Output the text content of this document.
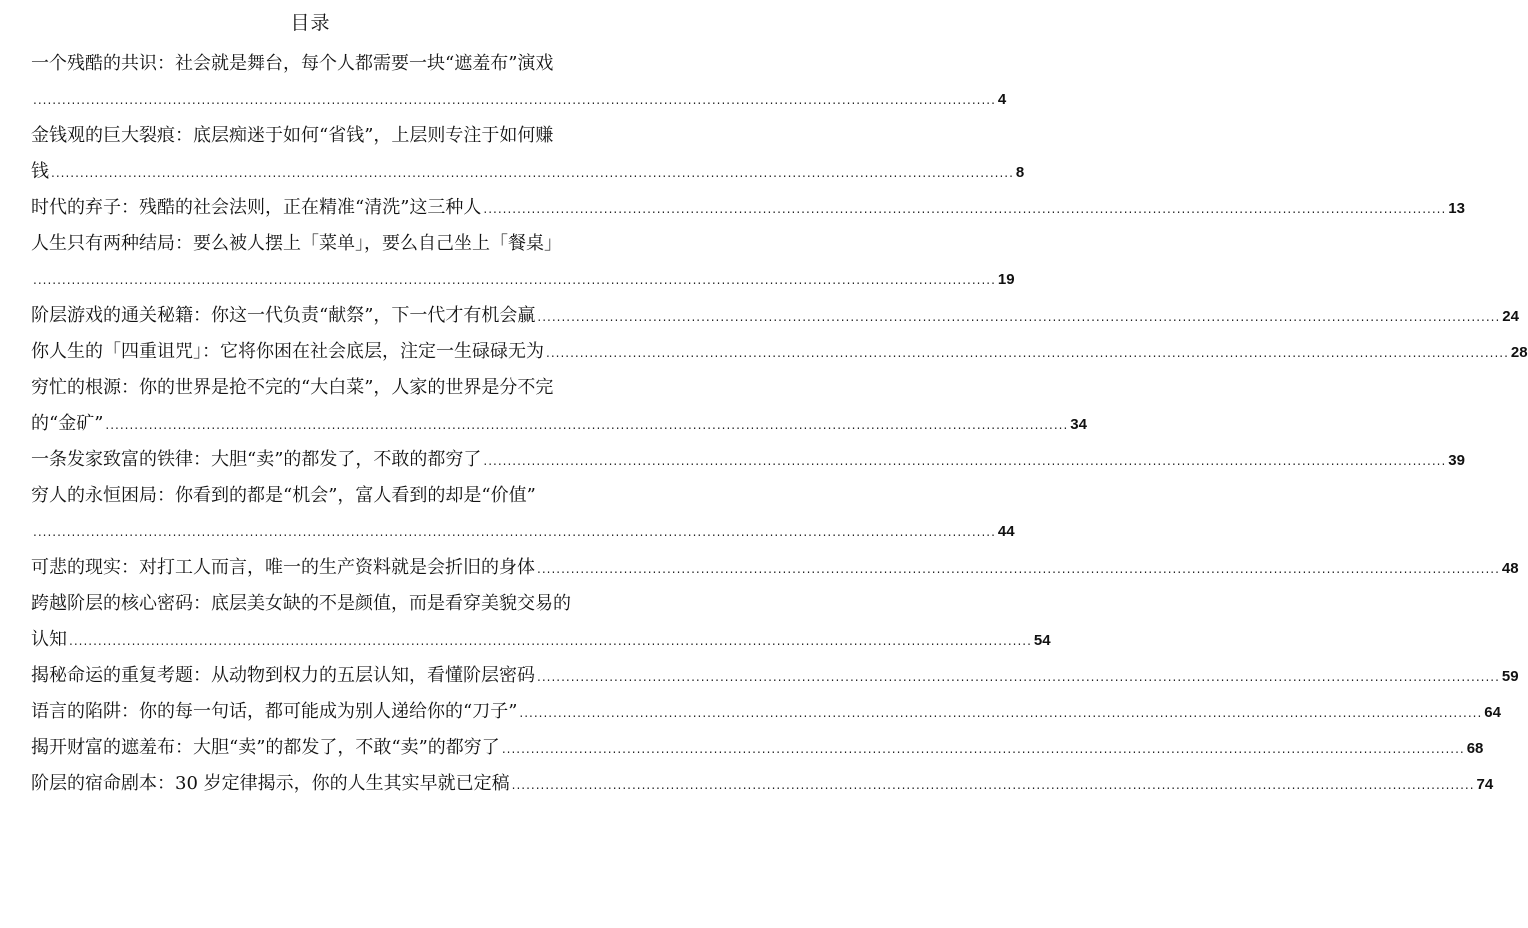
目录
一个残酷的共识：社会就是舞台，每个人都需要一块“遮羞布”演戏
........................................................................................................................................................................................................ 4
金钱观的巨大裂痕：底层痴迷于如何“省钱”，上层则专注于如何赚
钱 ........................................................................................................................................................................................................ 8
时代的弃子：残酷的社会法则，正在精准“清洗”这三种人 ........................................................................................................................................................................................................ 13
人生只有两种结局：要么被人摆上「菜单」，要么自己坐上「餐桌」
........................................................................................................................................................................................................ 19
阶层游戏的通关秘籍：你这一代负责“献祭”，下一代才有机会赢 ........................................................................................................................................................................................................ 24
你人生的「四重诅咒」：它将你困在社会底层，注定一生碌碌无为 ........................................................................................................................................................................................................ 28
穷忙的根源：你的世界是抢不完的“大白菜”，人家的世界是分不完
的“金矿” ........................................................................................................................................................................................................ 34
一条发家致富的铁律：大胆“卖”的都发了，不敢的都穷了 ........................................................................................................................................................................................................ 39
穷人的永恒困局：你看到的都是“机会”，富人看到的却是“价值”
........................................................................................................................................................................................................ 44
可悲的现实：对打工人而言，唯一的生产资料就是会折旧的身体 ........................................................................................................................................................................................................ 48
跨越阶层的核心密码：底层美女缺的不是颜值，而是看穿美貌交易的
认知 ........................................................................................................................................................................................................ 54
揭秘命运的重复考题：从动物到权力的五层认知，看懂阶层密码 ........................................................................................................................................................................................................ 59
语言的陷阱：你的每一句话，都可能成为别人递给你的“刀子” ........................................................................................................................................................................................................ 64
揭开财富的遮羞布：大胆“卖”的都发了，不敢“卖”的都穷了 ........................................................................................................................................................................................................ 68
阶层的宿命剧本：30 岁定律揭示，你的人生其实早就已定稿 ........................................................................................................................................................................................................ 74
